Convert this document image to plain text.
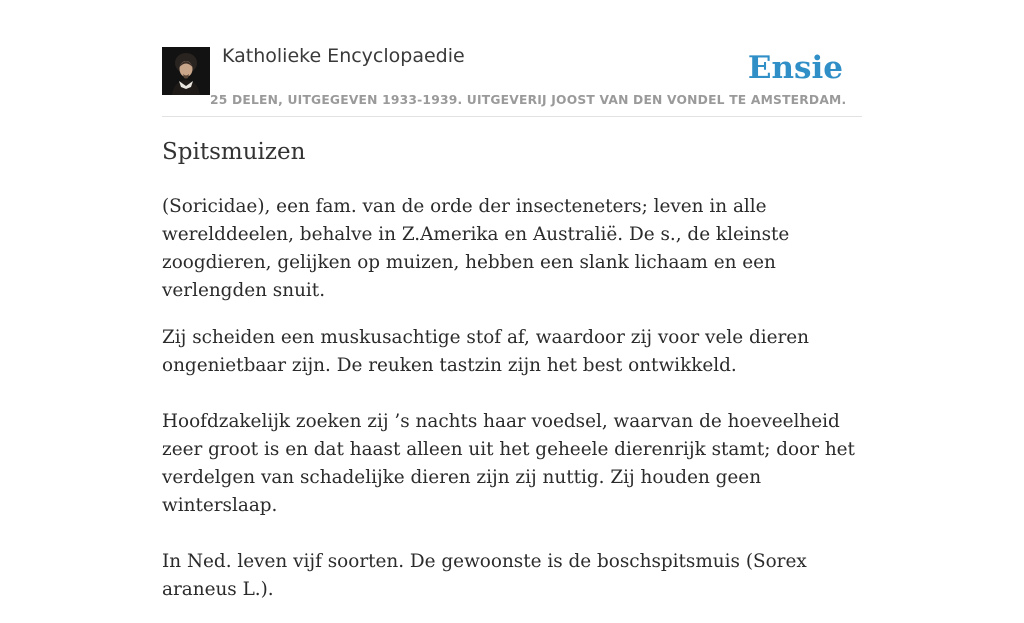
Katholieke Encyclopaedie	Ensie
25 DELEN, UITGEGEVEN 1933-1939. UITGEVERIJ JOOST VAN DEN VONDEL TE AMSTERDAM.
Spitsmuizen

(Soricidae), een fam. van de orde der insecteneters; leven in alle werelddeelen, behalve in Z.Amerika en Australië. De s., de kleinste zoogdieren, gelijken op muizen, hebben een slank lichaam en een verlengden snuit.

Zij scheiden een muskusachtige stof af, waardoor zij voor vele dieren ongenietbaar zijn. De reuken tastzin zijn het best ontwikkeld.

Hoofdzakelijk zoeken zij ’s nachts haar voedsel, waarvan de hoeveelheid zeer groot is en dat haast alleen uit het geheele dierenrijk stamt; door het verdelgen van schadelijke dieren zijn zij nuttig. Zij houden geen winterslaap.

In Ned. leven vijf soorten. De gewoonste is de boschspitsmuis (Sorex araneus L.).
